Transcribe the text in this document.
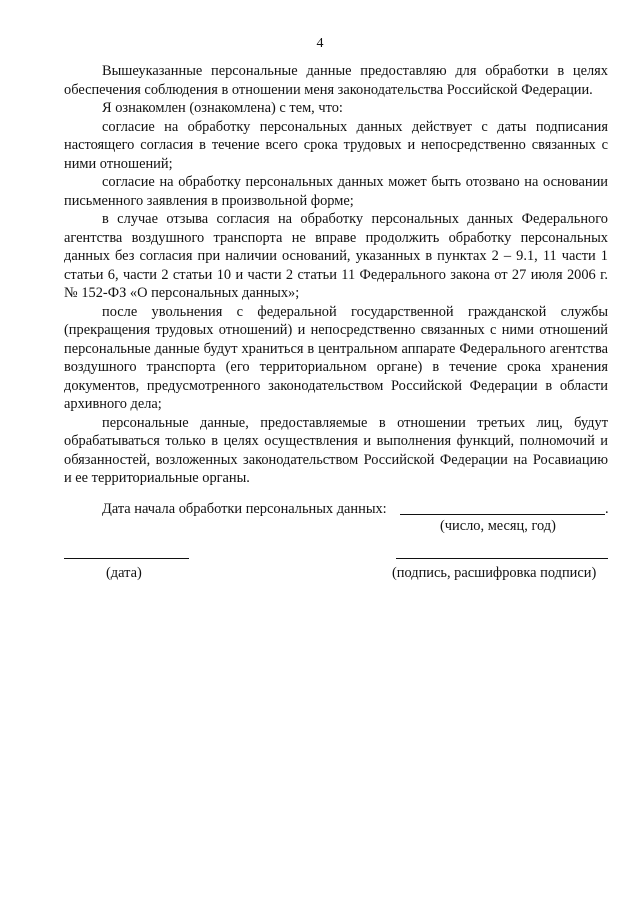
4

Вышеуказанные персональные данные предоставляю для обработки в целях обеспечения соблюдения в отношении меня законодательства Российской Федерации.

Я ознакомлен (ознакомлена) с тем, что:

согласие на обработку персональных данных действует с даты подписания настоящего согласия в течение всего срока трудовых и непосредственно связанных с ними отношений;

согласие на обработку персональных данных может быть отозвано на основании письменного заявления в произвольной форме;

в случае отзыва согласия на обработку персональных данных Федерального агентства воздушного транспорта не вправе продолжить обработку персональных данных без согласия при наличии оснований, указанных в пунктах 2 – 9.1, 11 части 1 статьи 6, части 2 статьи 10 и части 2 статьи 11 Федерального закона от 27 июля 2006 г. № 152-ФЗ «О персональных данных»;

после увольнения с федеральной государственной гражданской службы (прекращения трудовых отношений) и непосредственно связанных с ними отношений персональные данные будут храниться в центральном аппарате Федерального агентства воздушного транспорта (его территориальном органе) в течение срока хранения документов, предусмотренного законодательством Российской Федерации в области архивного дела;

персональные данные, предоставляемые в отношении третьих лиц, будут обрабатываться только в целях осуществления и выполнения функций, полномочий и обязанностей, возложенных законодательством Российской Федерации на Росавиацию и ее территориальные органы.

Дата начала обработки персональных данных:	.
(число, месяц, год)
(дата)	(подпись, расшифровка подписи)
